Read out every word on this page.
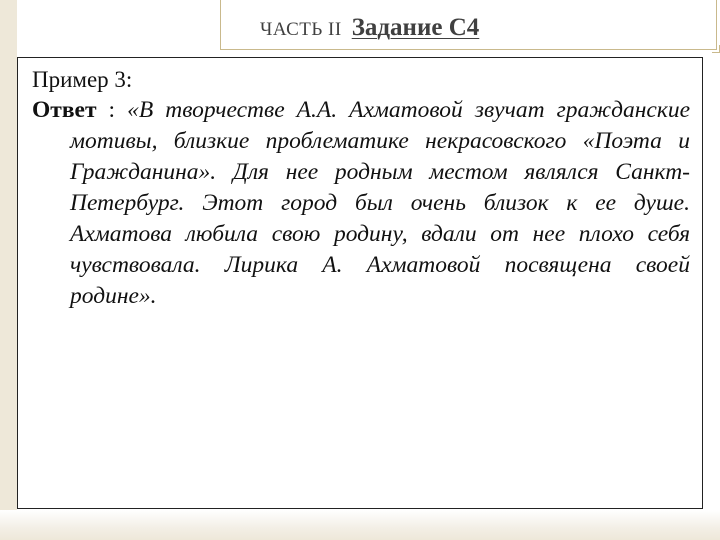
ЧАСТЬ II Задание С4

Пример 3:

Ответ : «В творчестве А.А. Ахматовой звучат гражданские мотивы, близкие проблематике некрасовского «Поэта и Гражданина». Для нее родным местом являлся Санкт-Петербург. Этот город был очень близок к ее душе. Ахматова любила свою родину, вдали от нее плохо себя чувствовала. Лирика А. Ахматовой посвящена своей родине».
